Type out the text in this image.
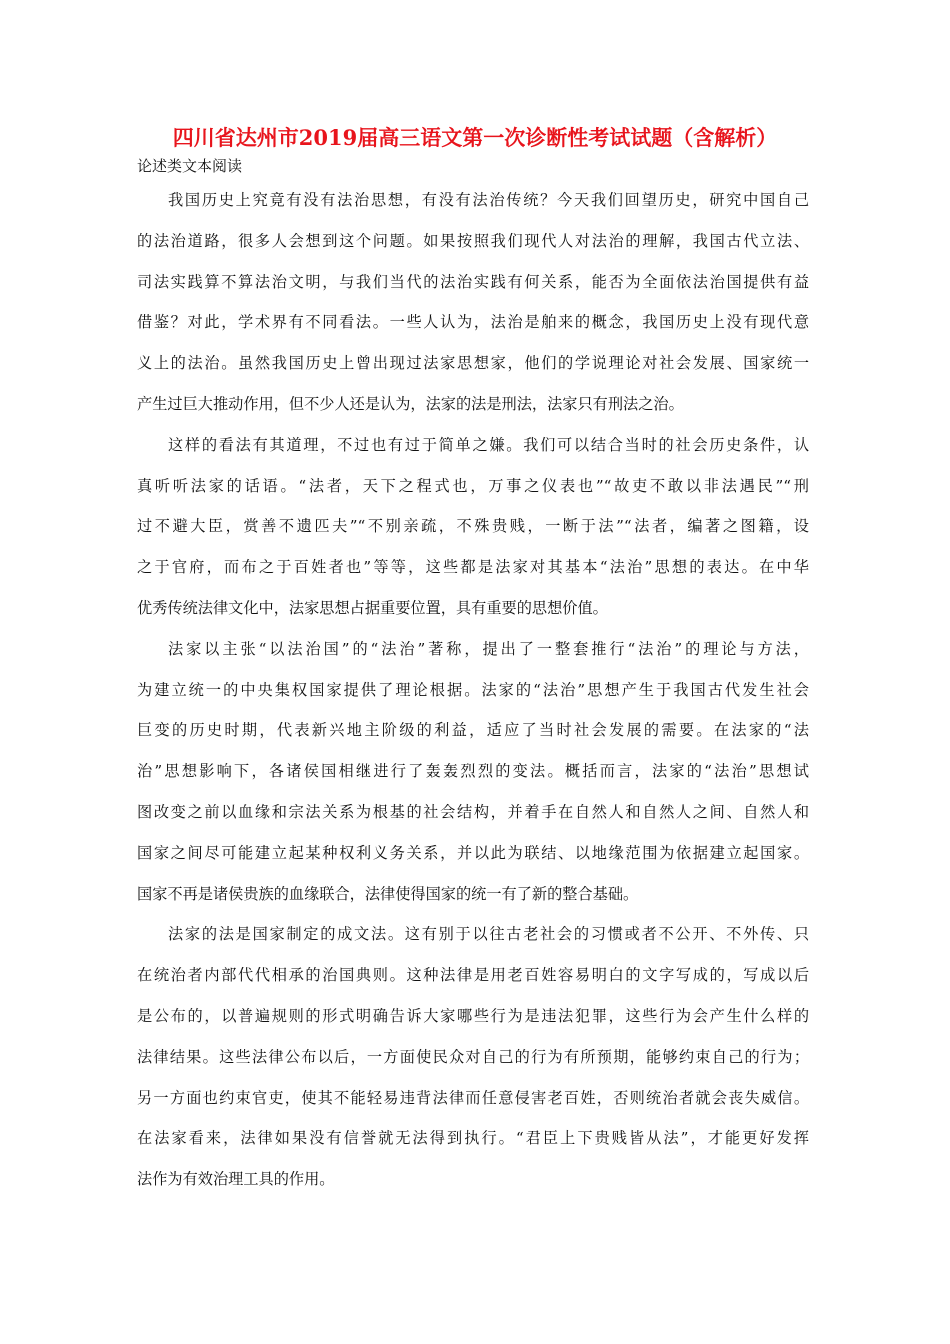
四川省达州市2019届高三语文第一次诊断性考试试题（含解析）
论述类文本阅读
我国历史上究竟有没有法治思想，有没有法治传统？今天我们回望历史，研究中国自己
的法治道路，很多人会想到这个问题。如果按照我们现代人对法治的理解，我国古代立法、
司法实践算不算法治文明，与我们当代的法治实践有何关系，能否为全面依法治国提供有益
借鉴？对此，学术界有不同看法。一些人认为，法治是舶来的概念，我国历史上没有现代意
义上的法治。虽然我国历史上曾出现过法家思想家，他们的学说理论对社会发展、国家统一
产生过巨大推动作用，但不少人还是认为，法家的法是刑法，法家只有刑法之治。
这样的看法有其道理，不过也有过于简单之嫌。我们可以结合当时的社会历史条件，认
真听听法家的话语。“法者，天下之程式也，万事之仪表也”“故吏不敢以非法遇民”“刑
过不避大臣，赏善不遗匹夫”“不别亲疏，不殊贵贱，一断于法”“法者，编著之图籍，设
之于官府，而布之于百姓者也”等等，这些都是法家对其基本“法治”思想的表达。在中华
优秀传统法律文化中，法家思想占据重要位置，具有重要的思想价值。
法家以主张“以法治国”的“法治”著称，提出了一整套推行“法治”的理论与方法，
为建立统一的中央集权国家提供了理论根据。法家的“法治”思想产生于我国古代发生社会
巨变的历史时期，代表新兴地主阶级的利益，适应了当时社会发展的需要。在法家的“法
治”思想影响下，各诸侯国相继进行了轰轰烈烈的变法。概括而言，法家的“法治”思想试
图改变之前以血缘和宗法关系为根基的社会结构，并着手在自然人和自然人之间、自然人和
国家之间尽可能建立起某种权利义务关系，并以此为联结、以地缘范围为依据建立起国家。
国家不再是诸侯贵族的血缘联合，法律使得国家的统一有了新的整合基础。
法家的法是国家制定的成文法。这有别于以往古老社会的习惯或者不公开、不外传、只
在统治者内部代代相承的治国典则。这种法律是用老百姓容易明白的文字写成的，写成以后
是公布的，以普遍规则的形式明确告诉大家哪些行为是违法犯罪，这些行为会产生什么样的
法律结果。这些法律公布以后，一方面使民众对自己的行为有所预期，能够约束自己的行为；
另一方面也约束官吏，使其不能轻易违背法律而任意侵害老百姓，否则统治者就会丧失威信。
在法家看来，法律如果没有信誉就无法得到执行。“君臣上下贵贱皆从法”，才能更好发挥
法作为有效治理工具的作用。
